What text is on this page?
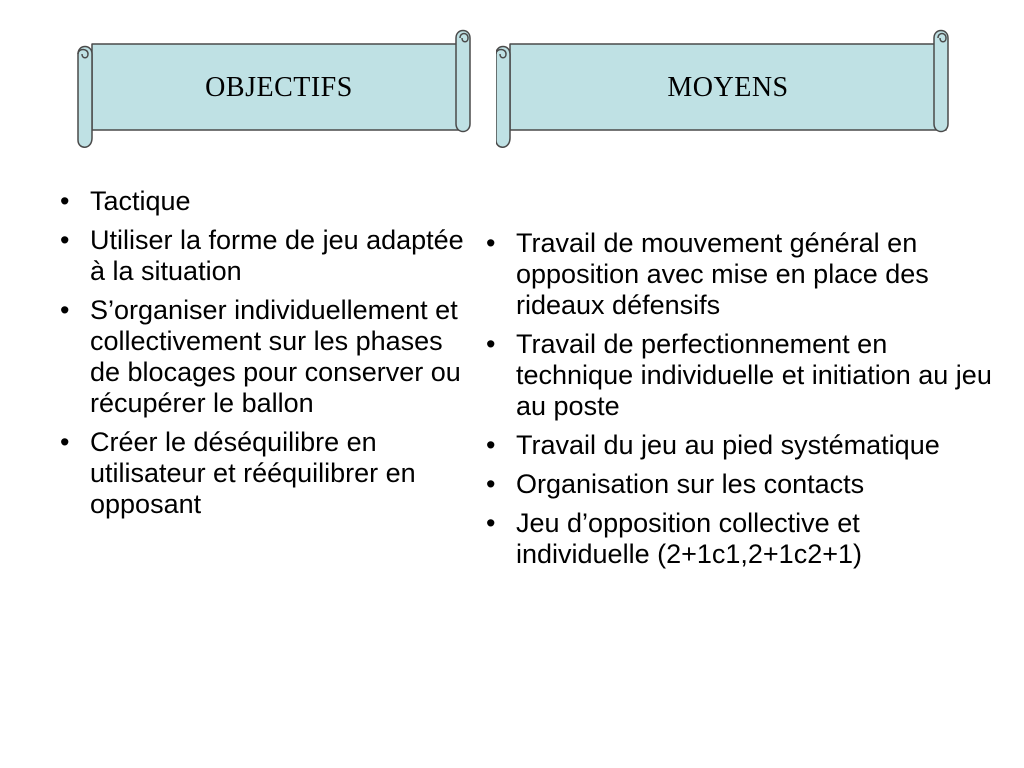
OBJECTIFS	MOYENS
• Tactique
• Utiliser la forme de jeu adaptée à la situation
• S’organiser individuellement et collectivement sur les phases de blocages pour conserver ou récupérer le ballon
• Créer le déséquilibre en utilisateur et rééquilibrer en opposant
• Travail de mouvement général en opposition avec mise en place des rideaux défensifs
• Travail de perfectionnement en technique individuelle et initiation au jeu au poste
• Travail du jeu au pied systématique
• Organisation sur les contacts
• Jeu d’opposition collective et individuelle (2+1c1,2+1c2+1)
